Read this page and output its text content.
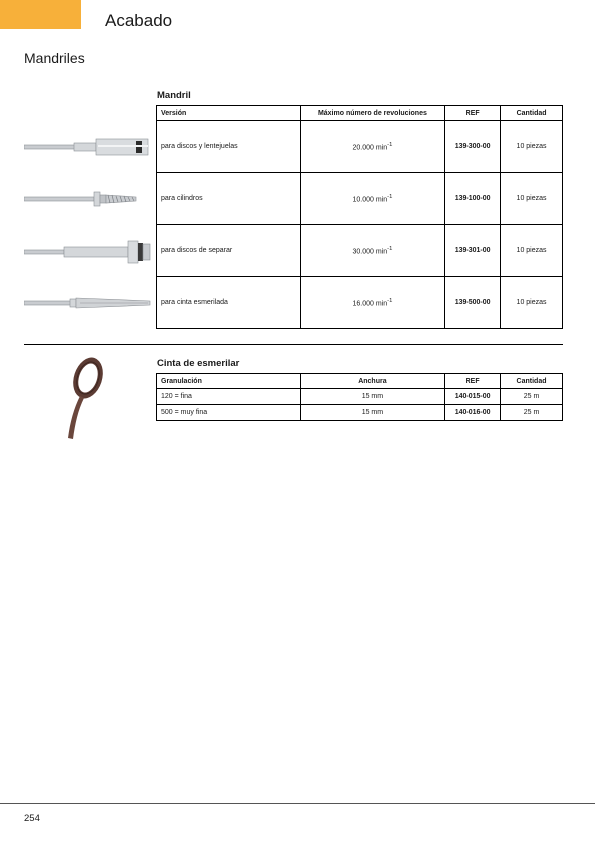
Acabado
Mandriles
Mandril
Versión	Máximo número de revoluciones	REF	Cantidad
para discos y lentejuelas	20.000 $\min^{-1}$	139-300-00	10 piezas
para cilindros	10.000 $\min^{-1}$	139-100-00	10 piezas
para discos de separar	30.000 $\min^{-1}$	139-301-00	10 piezas
para cinta esmerilada	16.000 $\min^{-1}$	139-500-00	10 piezas
Cinta de esmerilar
Granulación	Anchura	REF	Cantidad
120 = fina	15 mm	140-015-00	25 m
500 = muy fina	15 mm	140-016-00	25 m
254
